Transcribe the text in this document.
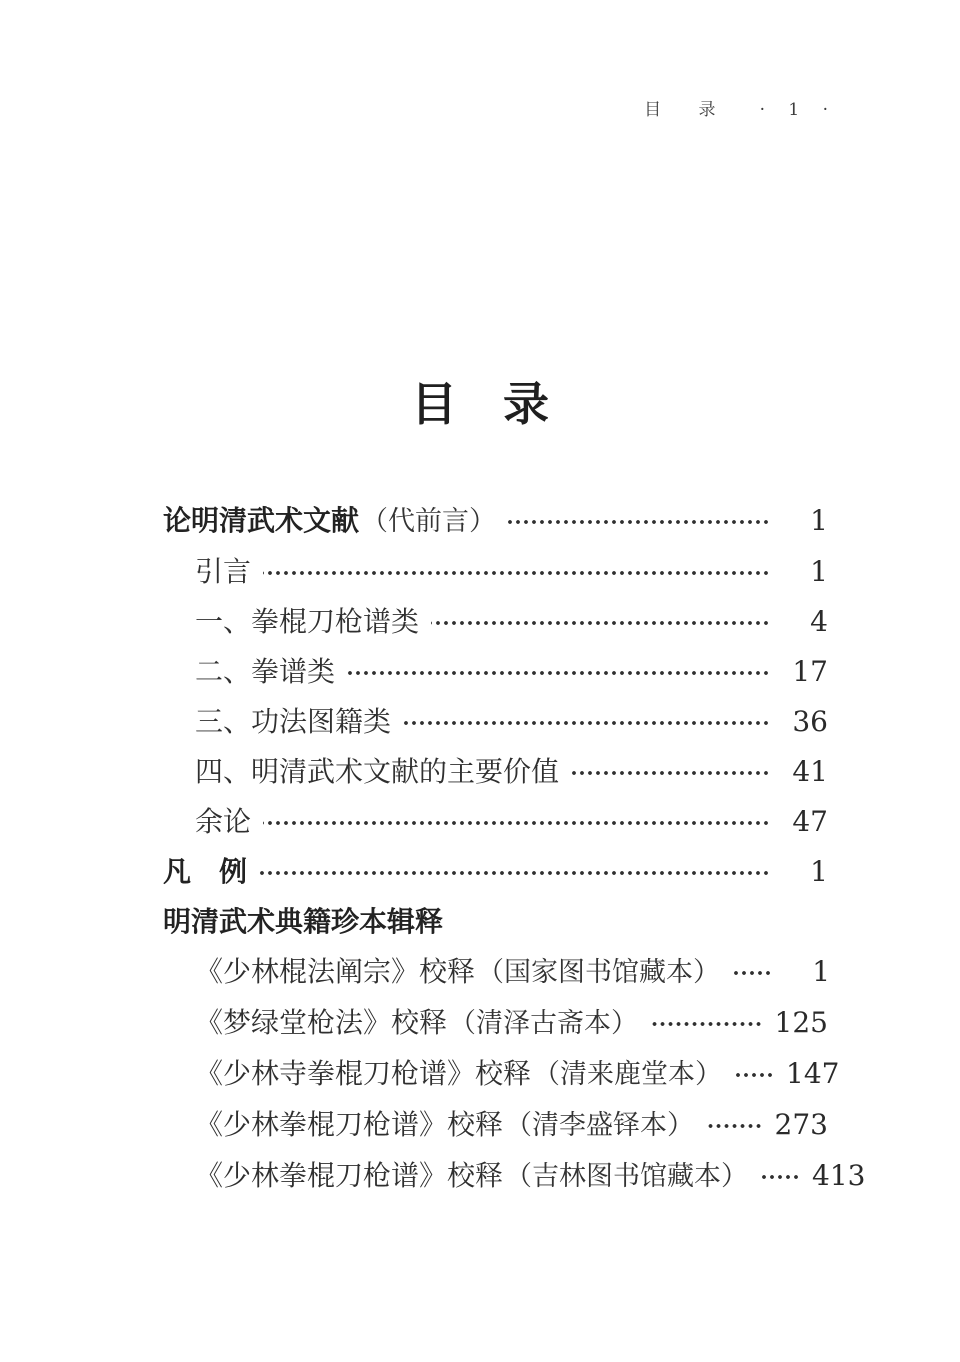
目 录 · 1 ·
目　录
论明清武术文献 （代前言）	1
引言	1
一、拳棍刀枪谱类	4
二、拳谱类	17
三、功法图籍类	36
四、明清武术文献的主要价值	41
余论	47
凡　例	1
明清武术典籍珍本辑释
《少林棍法阐宗》校释 （国家图书馆藏本）	1
《梦绿堂枪法》校释 （清泽古斋本）	125
《少林寺拳棍刀枪谱》校释 （清来鹿堂本） 147
《少林拳棍刀枪谱》校释 （清李盛铎本）	273
《少林拳棍刀枪谱》校释 （吉林图书馆藏本） 413
